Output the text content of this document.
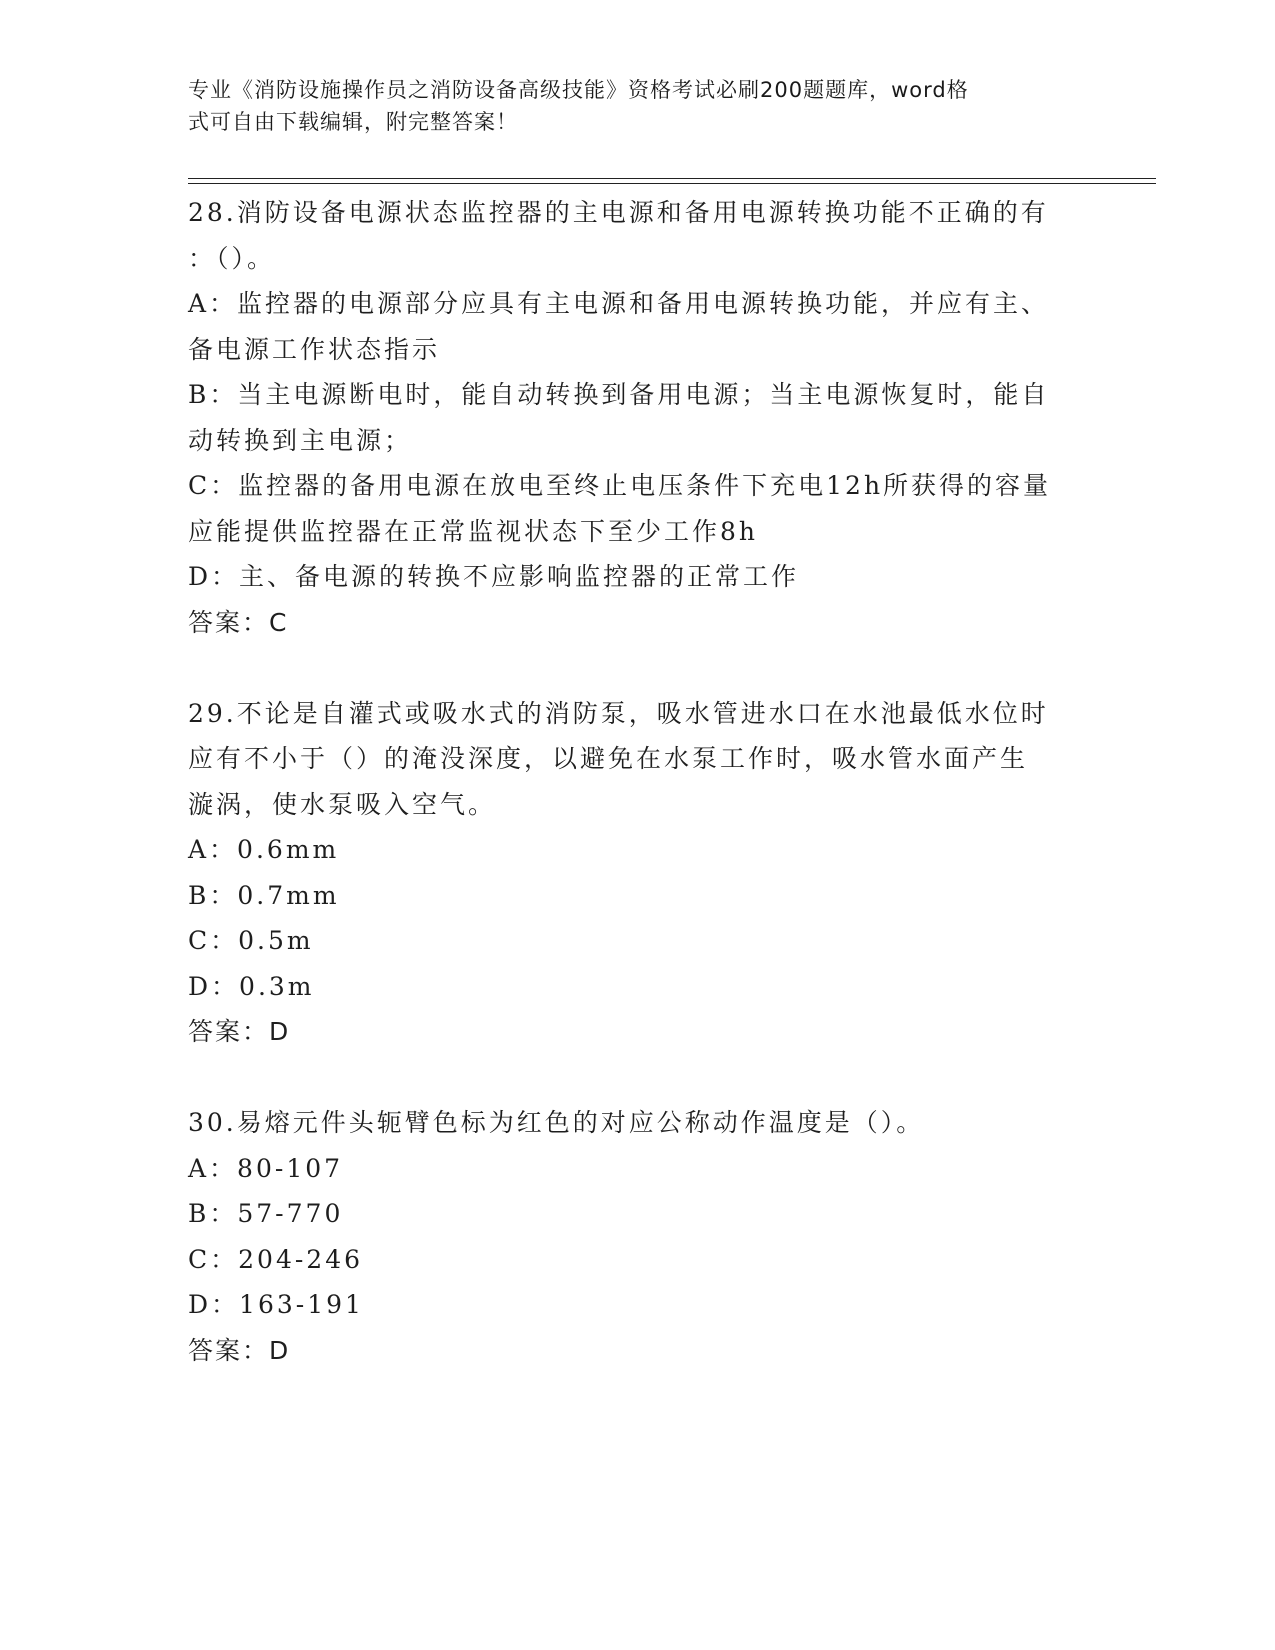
专业《消防设施操作员之消防设备高级技能》资格考试必刷200题题库，word格
式可自由下载编辑，附完整答案！
28.消防设备电源状态监控器的主电源和备用电源转换功能不正确的有
：（）。
A：监控器的电源部分应具有主电源和备用电源转换功能，并应有主、
备电源工作状态指示
B：当主电源断电时，能自动转换到备用电源；当主电源恢复时，能自
动转换到主电源；
C：监控器的备用电源在放电至终止电压条件下充电12h所获得的容量
应能提供监控器在正常监视状态下至少工作8h
D：主、备电源的转换不应影响监控器的正常工作
答案：C
29.不论是自灌式或吸水式的消防泵，吸水管进水口在水池最低水位时
应有不小于（）的淹没深度，以避免在水泵工作时，吸水管水面产生
漩涡，使水泵吸入空气。
A：0.6mm
B：0.7mm
C：0.5m
D：0.3m
答案：D
30.易熔元件头轭臂色标为红色的对应公称动作温度是（）。
A：80-107
B：57-770
C：204-246
D：163-191
答案：D
